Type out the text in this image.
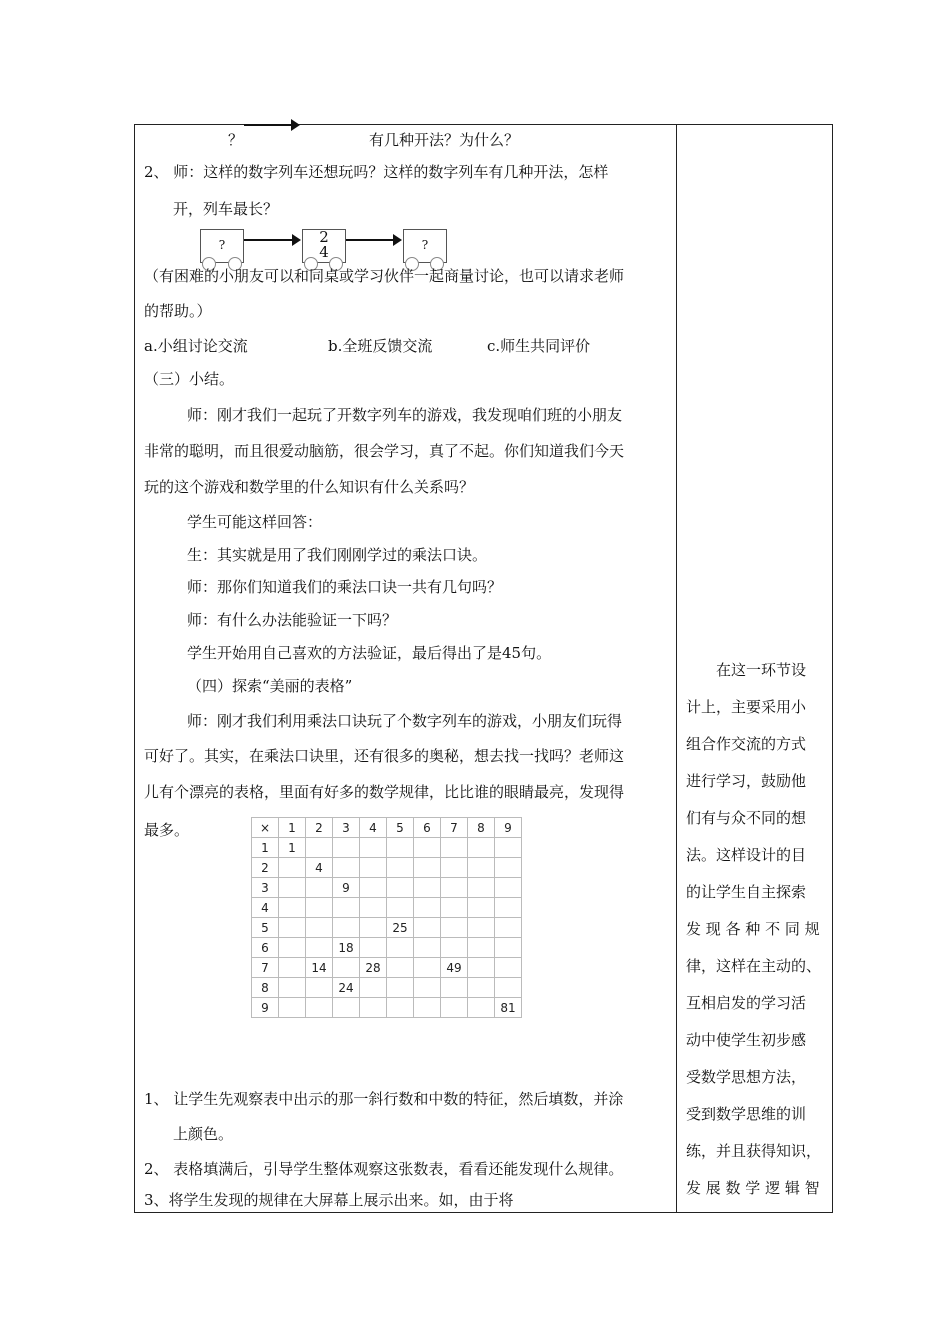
？	有几种开法？为什么？
2、 师：这样的数字列车还想玩吗？这样的数字列车有几种开法，怎样
开，列车最长？
?	2
4	?
（有困难的小朋友可以和同桌或学习伙伴一起商量讨论，也可以请求老师
的帮助。）
a.小组讨论交流	b.全班反馈交流	c.师生共同评价
（三）小结。
师：刚才我们一起玩了开数字列车的游戏，我发现咱们班的小朋友
非常的聪明，而且很爱动脑筋，很会学习，真了不起。你们知道我们今天
玩的这个游戏和数学里的什么知识有什么关系吗？
学生可能这样回答：
生：其实就是用了我们刚刚学过的乘法口诀。
师：那你们知道我们的乘法口诀一共有几句吗？
师：有什么办法能验证一下吗？
学生开始用自己喜欢的方法验证，最后得出了是45句。
（四）探索“美丽的表格”
师：刚才我们利用乘法口诀玩了个数字列车的游戏，小朋友们玩得
可好了。其实，在乘法口诀里，还有很多的奥秘，想去找一找吗？老师这
儿有个漂亮的表格，里面有好多的数学规律，比比谁的眼睛最亮，发现得
最多。	×	1	2	3	4	5	6	7	8	9
1	1								
2		4							
3			9						
4									
5					25				
6			18						
7		14		28			49		
8			24						
9									81
1、 让学生先观察表中出示的那一斜行数和中数的特征，然后填数，并涂
上颜色。
2、 表格填满后，引导学生整体观察这张数表，看看还能发现什么规律。
3、将学生发现的规律在大屏幕上展示出来。如，由于将
　　在这一环节设
计上，主要采用小
组合作交流的方式
进行学习，鼓励他
们有与众不同的想
法。这样设计的目
的让学生自主探索
发 现 各 种 不 同 规
律，这样在主动的、
互相启发的学习活
动中使学生初步感
受数学思想方法，
受到数学思维的训
练，并且获得知识，
发 展 数 学 逻 辑 智
